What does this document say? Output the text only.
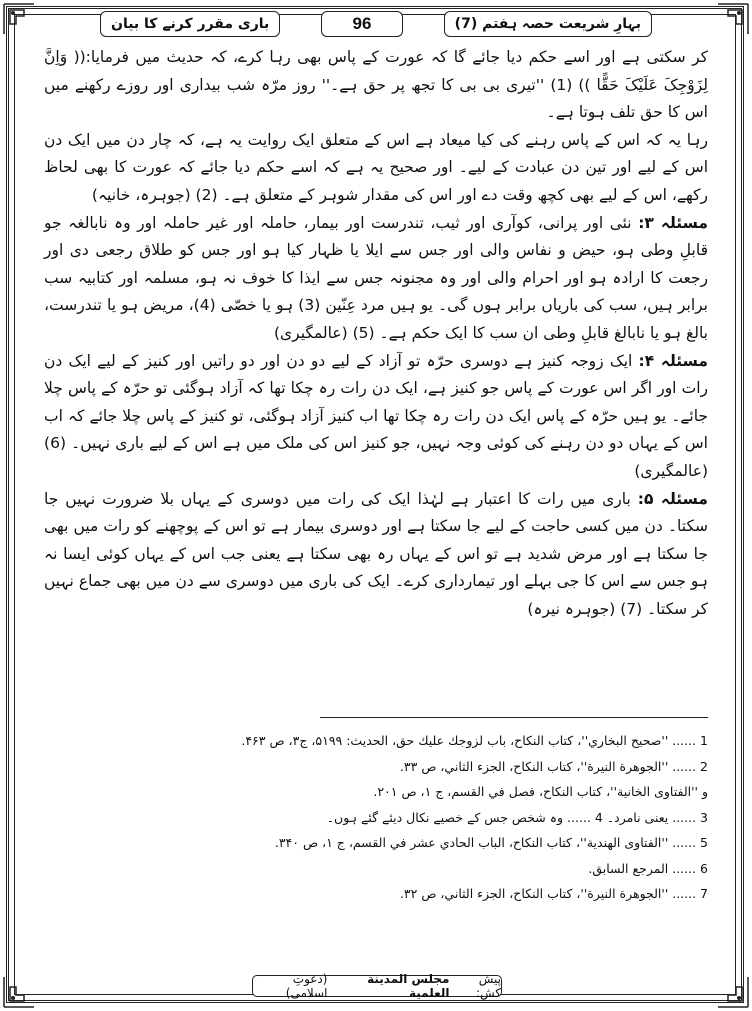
بہارِ شریعت حصہ ہفتم (7)
96
باری مقرر کرنے کا بیان

کر سکتی ہے اور اسے حکم دیا جائے گا کہ عورت کے پاس بھی رہا کرے، کہ حدیث میں فرمایا:(( وَاِنَّ لِزَوْجِکَ عَلَیْکَ حَقًّا )) (1) ''تیری بی بی کا تجھ پر حق ہے۔'' روز مرّہ شب بیداری اور روزے رکھنے میں اس کا حق تلف ہوتا ہے۔

رہا یہ کہ اس کے پاس رہنے کی کیا میعاد ہے اس کے متعلق ایک روایت یہ ہے، کہ چار دن میں ایک دن اس کے لیے اور تین دن عبادت کے لیے۔ اور صحیح یہ ہے کہ اسے حکم دیا جائے کہ عورت کا بھی لحاظ رکھے، اس کے لیے بھی کچھ وقت دے اور اس کی مقدار شوہر کے متعلق ہے۔ (2) (جوہرہ، خانیہ)

مسئلہ ۳: نئی اور پرانی، کوآری اور ثیب، تندرست اور بیمار، حاملہ اور غیر حاملہ اور وہ نابالغہ جو قابلِ وطی ہو، حیض و نفاس والی اور جس سے ایلا یا ظہار کیا ہو اور جس کو طلاق رجعی دی اور رجعت کا ارادہ ہو اور احرام والی اور وہ مجنونہ جس سے ایذا کا خوف نہ ہو، مسلمہ اور کتابیہ سب برابر ہیں، سب کی باریاں برابر ہوں گی۔ یو ہیں مرد عِنّین (3) ہو یا خصّی (4)، مریض ہو یا تندرست، بالغ ہو یا نابالغ قابلِ وطی ان سب کا ایک حکم ہے۔ (5) (عالمگیری)

مسئلہ ۴: ایک زوجہ کنیز ہے دوسری حرّہ تو آزاد کے لیے دو دن اور دو راتیں اور کنیز کے لیے ایک دن رات اور اگر اس عورت کے پاس جو کنیز ہے، ایک دن رات رہ چکا تھا کہ آزاد ہوگئی تو حرّہ کے پاس چلا جائے۔ یو ہیں حرّہ کے پاس ایک دن رات رہ چکا تھا اب کنیز آزاد ہوگئی، تو کنیز کے پاس چلا جائے کہ اب اس کے یہاں دو دن رہنے کی کوئی وجہ نہیں، جو کنیز اس کی ملک میں ہے اس کے لیے باری نہیں۔ (6) (عالمگیری)

مسئلہ ۵: باری میں رات کا اعتبار ہے لہٰذا ایک کی رات میں دوسری کے یہاں بلا ضرورت نہیں جا سکتا۔ دن میں کسی حاجت کے لیے جا سکتا ہے اور دوسری بیمار ہے تو اس کے پوچھنے کو رات میں بھی جا سکتا ہے اور مرض شدید ہے تو اس کے یہاں رہ بھی سکتا ہے یعنی جب اس کے یہاں کوئی ایسا نہ ہو جس سے اس کا جی بہلے اور تیمارداری کرے۔ ایک کی باری میں دوسری سے دن میں بھی جماع نہیں کر سکتا۔ (7) (جوہرہ نیرہ)

1 ...... ''صحیح البخاري''، کتاب النکاح، باب لزوجك علیك حق، الحدیث: ۵۱۹۹، ج۳، ص ۴۶۳.
2 ...... ''الجوهرة النیرة''، کتاب النکاح، الجزء الثاني، ص ۳۳.
و ''الفتاوی الخانیة''، کتاب النکاح، فصل في القسم، ج ۱، ص ۲۰۱.
3 ...... یعنی نامرد۔ 4 ...... وہ شخص جس کے خصیے نکال دیئے گئے ہوں۔
5 ...... ''الفتاوی الهندیة''، کتاب النکاح، الباب الحادي عشر في القسم، ج ۱، ص ۳۴۰.
6 ...... المرجع السابق.
7 ...... ''الجوهرة النیرة''، کتاب النکاح، الجزء الثاني، ص ۳۲.
پیش کش:
مجلس المدینة العلمیة
(دعوتِ اسلامی)
